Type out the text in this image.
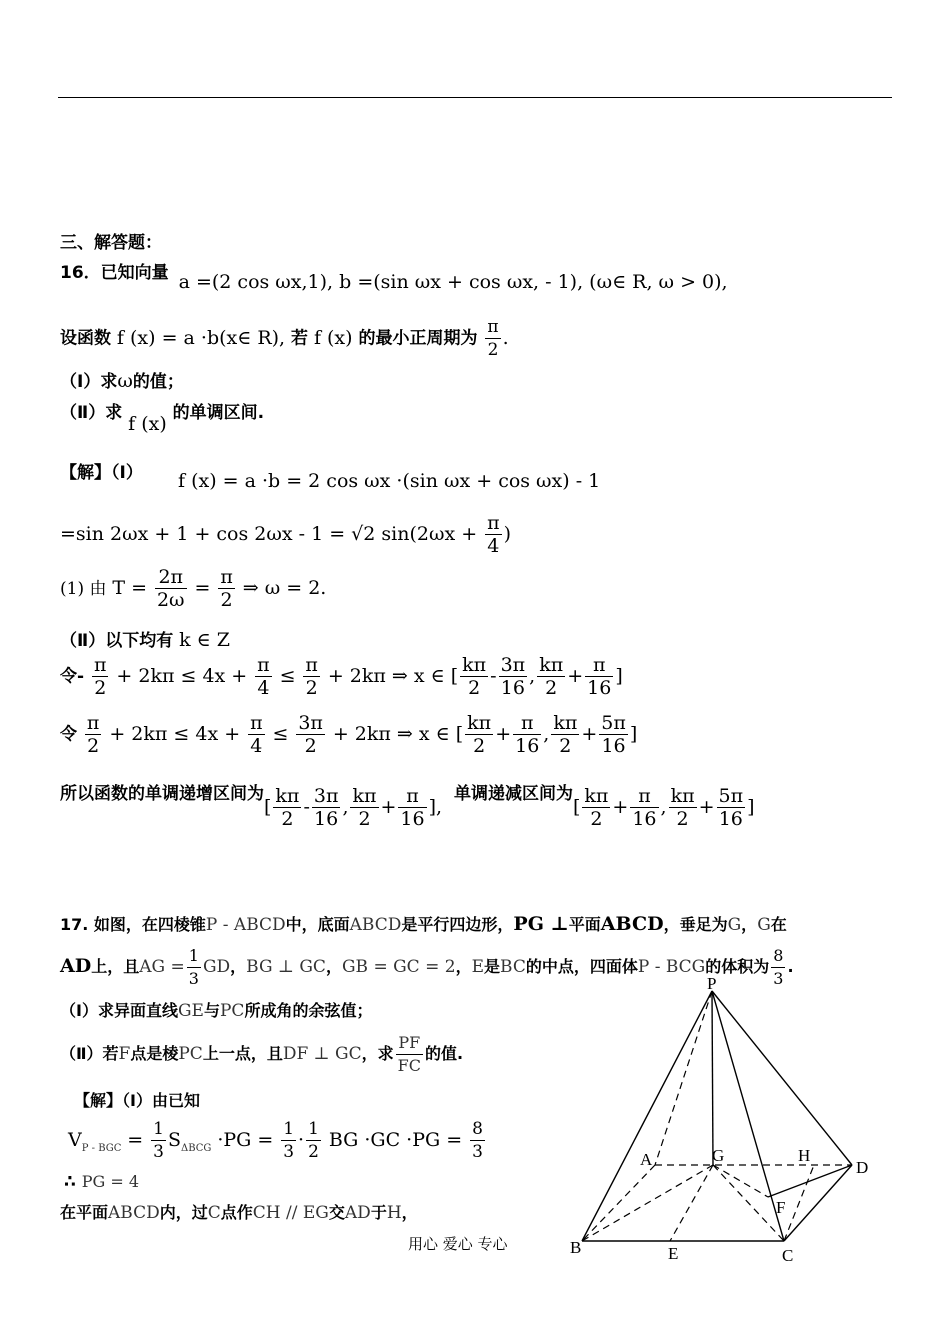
三、解答题：
16．已知向量 a =(2 cos ωx,1), b =(sin ωx + cos ωx, - 1), (ω∈ R, ω > 0),
设函数 f (x) = a ·b(x∈ R), 若 f (x) 的最小正周期为 $\frac{\pi}{2}$ .
（Ⅰ）求ω的值；
（Ⅱ）求 f (x) 的单调区间.
【解】（Ⅰ） f (x) = a ·b = 2 cos ωx ·(sin ωx + cos ωx) - 1
=sin 2ωx + 1 + cos 2ωx - 1 = √2 $\sin(2\omega x + \frac{\pi}{4}$ )
(1) 由 $T = \frac{2\pi}{2\omega} = \frac{\pi}{2}$ ⇒ ω = 2.
（Ⅱ）以下均有 k ∈ Z
令- $\frac{\pi}{2} + 2k\pi \le 4x + \frac{\pi}{4} \le \frac{\pi}{2} + 2k\pi$ ⇒ x ∈ [ $\frac{k\pi}{2} - \frac{3\pi}{16}$ , $\frac{k\pi}{2} + \frac{\pi}{16}$ ]
令 $\frac{\pi}{2} + 2k\pi \le 4x + \frac{\pi}{4} \le \frac{3\pi}{2} + 2k\pi$ ⇒ x ∈ [ $\frac{k\pi}{2} + \frac{\pi}{16}$ , $\frac{k\pi}{2} + \frac{5\pi}{16}$ ]
所以函数的单调递增区间为[ $\frac{k\pi}{2} - \frac{3\pi}{16}$ , $\frac{k\pi}{2} + \frac{\pi}{16}$ ], 单调递减区间为[ $\frac{k\pi}{2} + \frac{\pi}{16}$ , $\frac{k\pi}{2} + \frac{5\pi}{16}$ ]
17. 如图，在四棱锥P - ABCD中，底面ABCD是平行四边形，PG ⊥平面ABCD，垂足为G，G在
AD上，且AG = $\frac{1}{3}$ GD，BG ⊥ GC，GB = GC = 2，E是BC的中点，四面体P - BCG的体积为 $\frac{8}{3}$ .
（Ⅰ）求异面直线GE与PC所成角的余弦值；
（Ⅱ）若F点是棱PC上一点，且DF ⊥ GC，求 $\frac{PF}{FC}$ 的值.
【解】（Ⅰ）由已知
VP - BGC = $\frac{1}{3}$ $S\Delta BCG \cdot PG = \frac{1}{3} \cdot \frac{1}{2}$ BG $\cdot GC \cdot PG = \frac{8}{3}$
∴ PG = 4
在平面ABCD内，过C点作CH // EG交AD于H，
P
A	G	H
D
F
B	E	C
用心 爱心 专心
